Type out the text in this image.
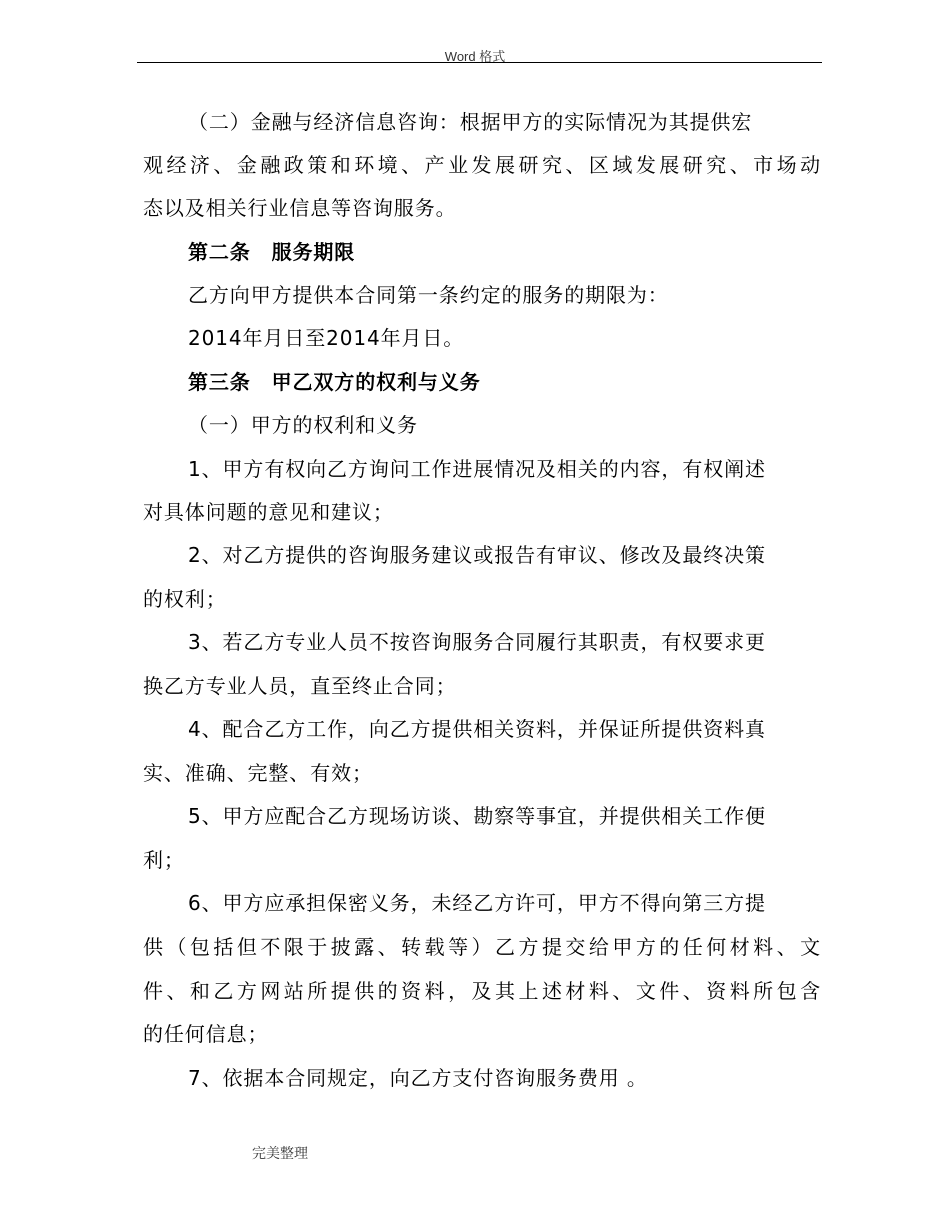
Word 格式
（二）金融与经济信息咨询：根据甲方的实际情况为其提供宏
观经济、金融政策和环境、产业发展研究、区域发展研究、市场动
态以及相关行业信息等咨询服务。
第二条　服务期限
乙方向甲方提供本合同第一条约定的服务的期限为：
2014年月日至2014年月日。
第三条　甲乙双方的权利与义务
（一）甲方的权利和义务
1、甲方有权向乙方询问工作进展情况及相关的内容，有权阐述
对具体问题的意见和建议；
2、对乙方提供的咨询服务建议或报告有审议、修改及最终决策
的权利；
3、若乙方专业人员不按咨询服务合同履行其职责，有权要求更
换乙方专业人员，直至终止合同；
4、配合乙方工作，向乙方提供相关资料，并保证所提供资料真
实、准确、完整、有效；
5、甲方应配合乙方现场访谈、勘察等事宜，并提供相关工作便
利；
6、甲方应承担保密义务，未经乙方许可，甲方不得向第三方提
供（包括但不限于披露、转载等）乙方提交给甲方的任何材料、文
件、和乙方网站所提供的资料，及其上述材料、文件、资料所包含
的任何信息；
7、依据本合同规定，向乙方支付咨询服务费用 。
完美整理
